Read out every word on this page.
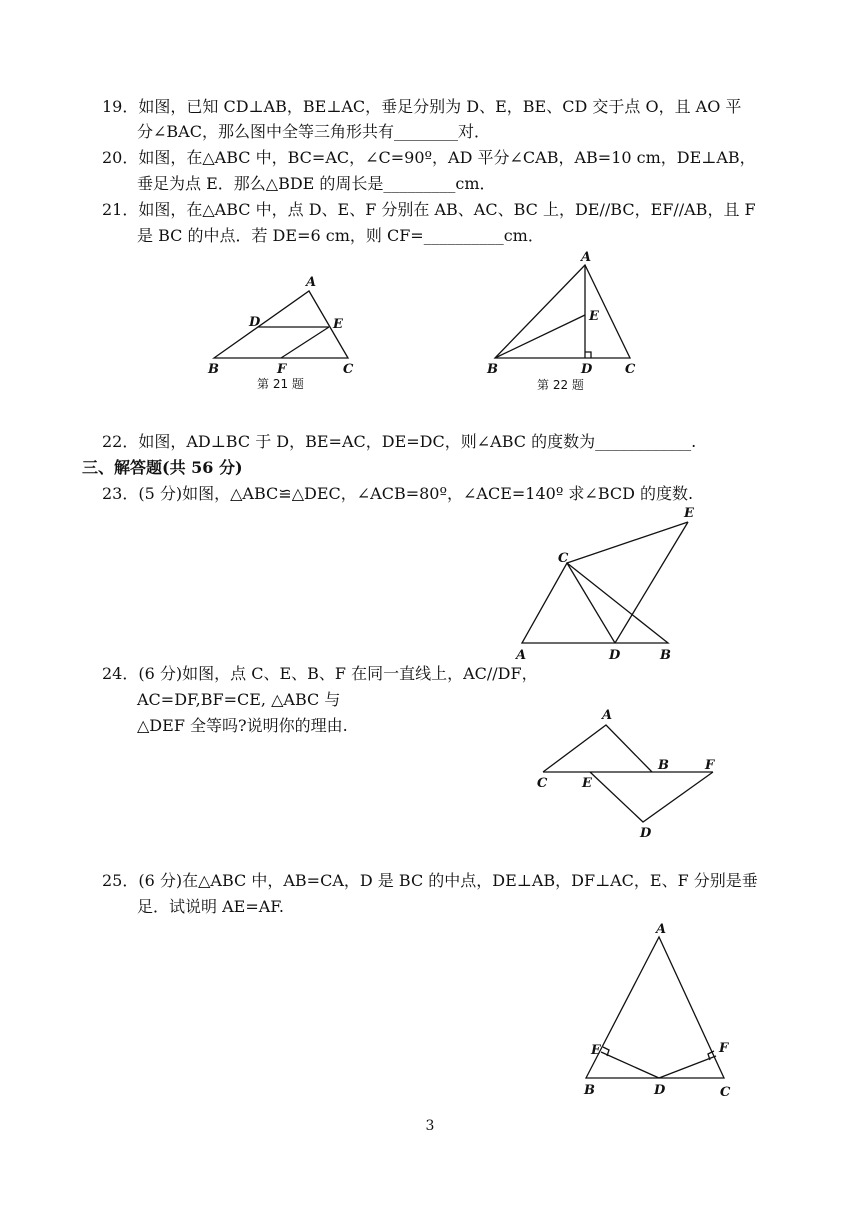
19．如图，已知 CD⊥AB，BE⊥AC，垂足分别为 D、E，BE、CD 交于点 O，且 AO 平
分∠BAC，那么图中全等三角形共有________对．
20．如图，在△ABC 中，BC=AC，∠C=90º，AD 平分∠CAB，AB=10 cm，DE⊥AB，
垂足为点 E．那么△BDE 的周长是_________cm．
21．如图，在△ABC 中，点 D、E、F 分别在 AB、AC、BC 上，DE//BC，EF//AB，且 F
是 BC 的中点．若 DE=6 cm，则 CF=__________cm．
A
D	E
B	F	C
第 21 题
A
E
B	D	C
第 22 题
22．如图，AD⊥BC 于 D，BE=AC，DE=DC，则∠ABC 的度数为____________.
三、解答题(共 56 分)
23．(5 分)如图，△ABC≌△DEC，∠ACB=80º，∠ACE=140º 求∠BCD 的度数.
E
C
A	D	B
24．(6 分)如图，点 C、E、B、F 在同一直线上，AC//DF，
AC=DF,BF=CE, △ABC 与
△DEF 全等吗?说明你的理由.
A
B	F
C	E
D
25．(6 分)在△ABC 中，AB=CA，D 是 BC 的中点，DE⊥AB，DF⊥AC，E、F 分别是垂
足．试说明 AE=AF.
A
E	F
B	D	C
3
